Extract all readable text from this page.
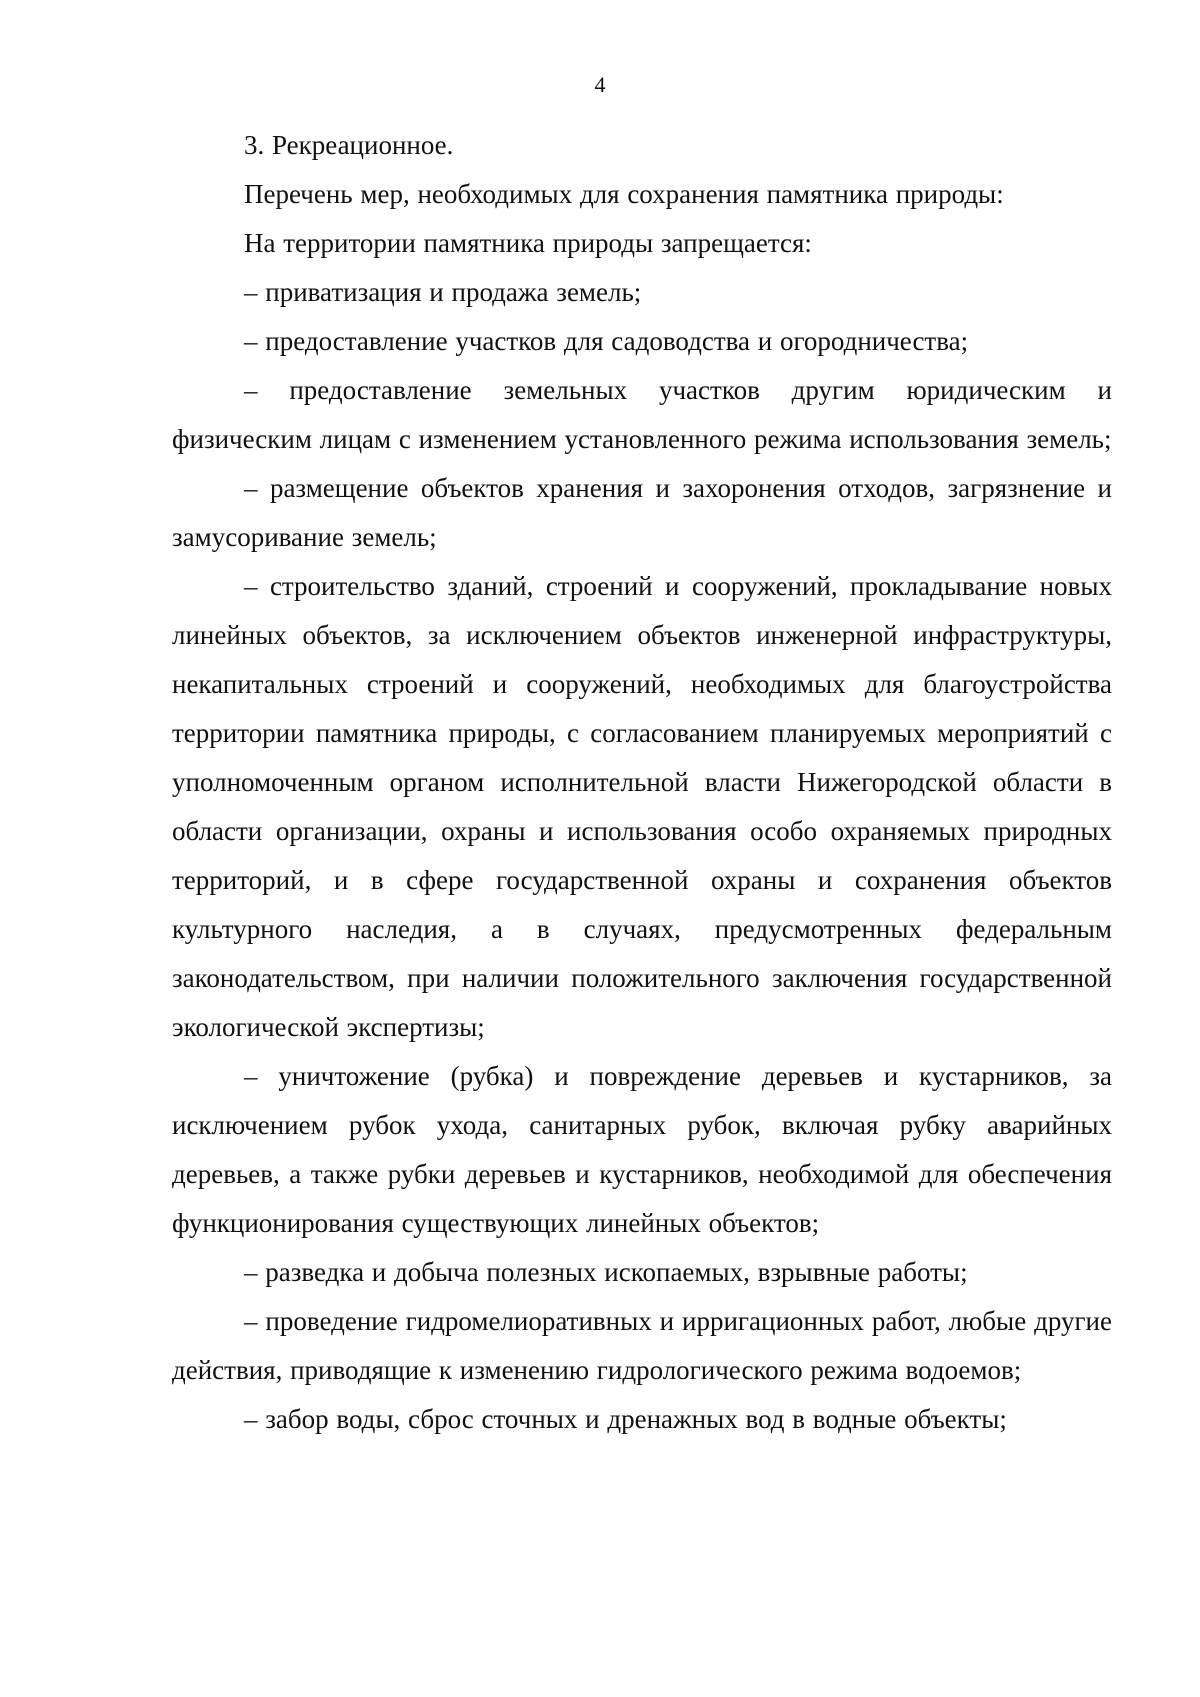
4

3. Рекреационное.

Перечень мер, необходимых для сохранения памятника природы:

На территории памятника природы запрещается:

– приватизация и продажа земель;

– предоставление участков для садоводства и огородничества;

– предоставление земельных участков другим юридическим и физическим лицам с изменением установленного режима использования земель;

– размещение объектов хранения и захоронения отходов, загрязнение и замусоривание земель;

– строительство зданий, строений и сооружений, прокладывание новых линейных объектов, за исключением объектов инженерной инфраструктуры, некапитальных строений и сооружений, необходимых для благоустройства территории памятника природы, с согласованием планируемых мероприятий с уполномоченным органом исполнительной власти Нижегородской области в области организации, охраны и использования особо охраняемых природных территорий, и в сфере государственной охраны и сохранения объектов культурного наследия, а в случаях, предусмотренных федеральным законодательством, при наличии положительного заключения государственной экологической экспертизы;

– уничтожение (рубка) и повреждение деревьев и кустарников, за исключением рубок ухода, санитарных рубок, включая рубку аварийных деревьев, а также рубки деревьев и кустарников, необходимой для обеспечения функционирования существующих линейных объектов;

– разведка и добыча полезных ископаемых, взрывные работы;

– проведение гидромелиоративных и ирригационных работ, любые другие действия, приводящие к изменению гидрологического режима водоемов;

– забор воды, сброс сточных и дренажных вод в водные объекты;
